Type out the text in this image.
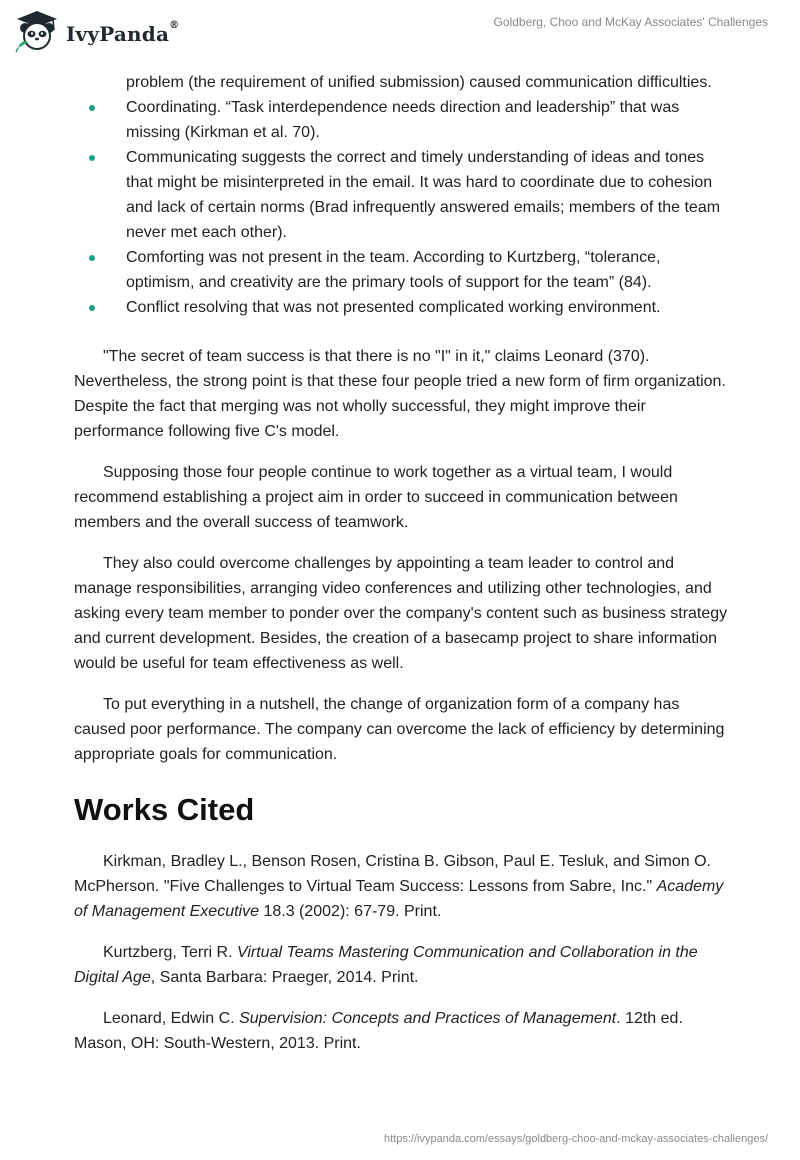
IvyPanda®	Goldberg, Choo and McKay Associates' Challenges

problem (the requirement of unified submission) caused communication difficulties.

Coordinating. “Task interdependence needs direction and leadership” that was missing (Kirkman et al. 70).
Communicating suggests the correct and timely understanding of ideas and tones that might be misinterpreted in the email. It was hard to coordinate due to cohesion and lack of certain norms (Brad infrequently answered emails; members of the team never met each other).
Comforting was not present in the team. According to Kurtzberg, “tolerance, optimism, and creativity are the primary tools of support for the team” (84).
Conflict resolving that was not presented complicated working environment.

"The secret of team success is that there is no "I" in it," claims Leonard (370). Nevertheless, the strong point is that these four people tried a new form of firm organization. Despite the fact that merging was not wholly successful, they might improve their performance following five C's model.

Supposing those four people continue to work together as a virtual team, I would recommend establishing a project aim in order to succeed in communication between members and the overall success of teamwork.

They also could overcome challenges by appointing a team leader to control and manage responsibilities, arranging video conferences and utilizing other technologies, and asking every team member to ponder over the company's content such as business strategy and current development. Besides, the creation of a basecamp project to share information would be useful for team effectiveness as well.

To put everything in a nutshell, the change of organization form of a company has caused poor performance. The company can overcome the lack of efficiency by determining appropriate goals for communication.

Works Cited

Kirkman, Bradley L., Benson Rosen, Cristina B. Gibson, Paul E. Tesluk, and Simon O. McPherson. "Five Challenges to Virtual Team Success: Lessons from Sabre, Inc." Academy of Management Executive 18.3 (2002): 67-79. Print.

Kurtzberg, Terri R. Virtual Teams Mastering Communication and Collaboration in the Digital Age, Santa Barbara: Praeger, 2014. Print.

Leonard, Edwin C. Supervision: Concepts and Practices of Management. 12th ed. Mason, OH: South-Western, 2013. Print.

https://ivypanda.com/essays/goldberg-choo-and-mckay-associates-challenges/
